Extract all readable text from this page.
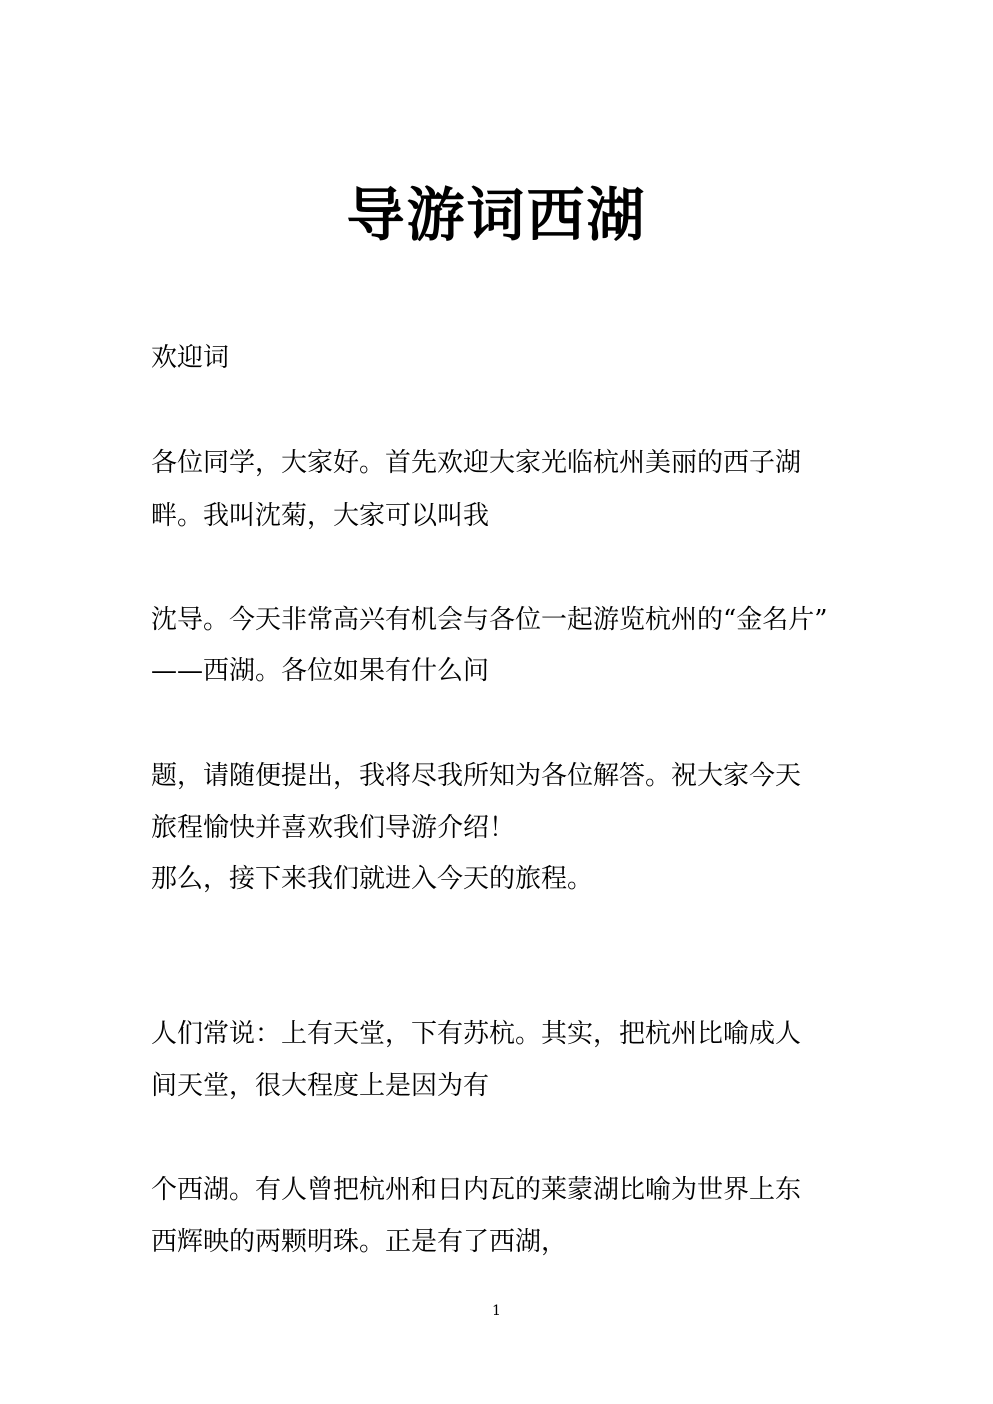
导游词西湖
欢迎词
各位同学，大家好。首先欢迎大家光临杭州美丽的西子湖
畔。我叫沈菊，大家可以叫我
沈导。今天非常高兴有机会与各位一起游览杭州的“金名片”
——西湖。各位如果有什么问
题，请随便提出，我将尽我所知为各位解答。祝大家今天
旅程愉快并喜欢我们导游介绍！
那么，接下来我们就进入今天的旅程。
人们常说：上有天堂，下有苏杭。其实，把杭州比喻成人
间天堂，很大程度上是因为有
个西湖。有人曾把杭州和日内瓦的莱蒙湖比喻为世界上东
西辉映的两颗明珠。正是有了西湖，
1
